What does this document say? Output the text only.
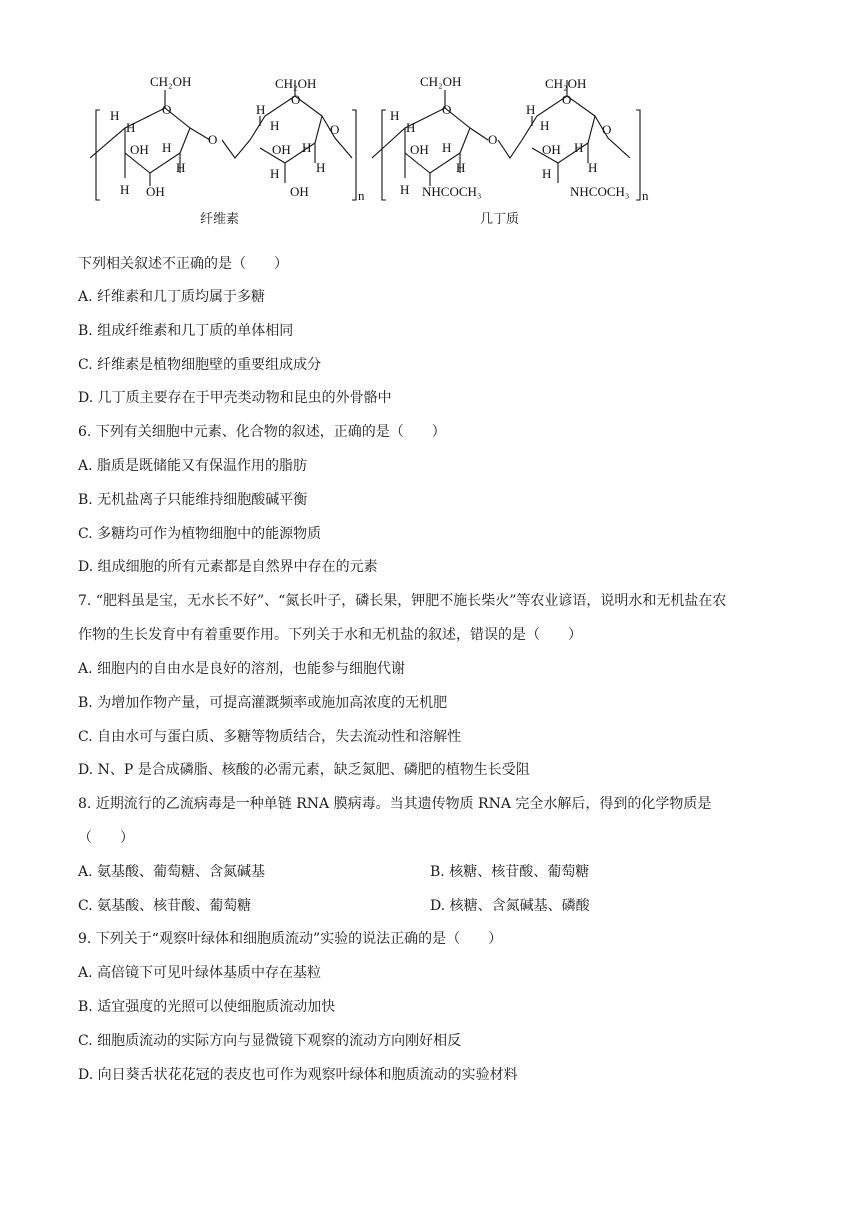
CH₂OH
O
H
H
OH H
H OH
H
O
CH₂OH
O
H
H
OH H
H
OH
H
O
n
CH₂OH
O
H
H
OH H
H NHCOCH₃
H
O
CH₂OH
O
H
H
OH H
H
NHCOCH₃
H
O
n
纤维素	几丁质
下列相关叙述不正确的是（　　）
A. 纤维素和几丁质均属于多糖
B. 组成纤维素和几丁质的单体相同
C. 纤维素是植物细胞壁的重要组成成分
D. 几丁质主要存在于甲壳类动物和昆虫的外骨骼中
6. 下列有关细胞中元素、化合物的叙述，正确的是（　　）
A. 脂质是既储能又有保温作用的脂肪
B. 无机盐离子只能维持细胞酸碱平衡
C. 多糖均可作为植物细胞中的能源物质
D. 组成细胞的所有元素都是自然界中存在的元素
7. “肥料虽是宝，无水长不好”、“氮长叶子，磷长果，钾肥不施长柴火”等农业谚语，说明水和无机盐在农
作物的生长发育中有着重要作用。下列关于水和无机盐的叙述，错误的是（　　）
A. 细胞内的自由水是良好的溶剂，也能参与细胞代谢
B. 为增加作物产量，可提高灌溉频率或施加高浓度的无机肥
C. 自由水可与蛋白质、多糖等物质结合，失去流动性和溶解性
D. N、P 是合成磷脂、核酸的必需元素，缺乏氮肥、磷肥的植物生长受阻
8. 近期流行的乙流病毒是一种单链 RNA 膜病毒。当其遗传物质 RNA 完全水解后，得到的化学物质是
（　　）
A. 氨基酸、葡萄糖、含氮碱基	B. 核糖、核苷酸、葡萄糖
C. 氨基酸、核苷酸、葡萄糖	D. 核糖、含氮碱基、磷酸
9. 下列关于“观察叶绿体和细胞质流动”实验的说法正确的是（　　）
A. 高倍镜下可见叶绿体基质中存在基粒
B. 适宜强度的光照可以使细胞质流动加快
C. 细胞质流动的实际方向与显微镜下观察的流动方向刚好相反
D. 向日葵舌状花花冠的表皮也可作为观察叶绿体和胞质流动的实验材料
